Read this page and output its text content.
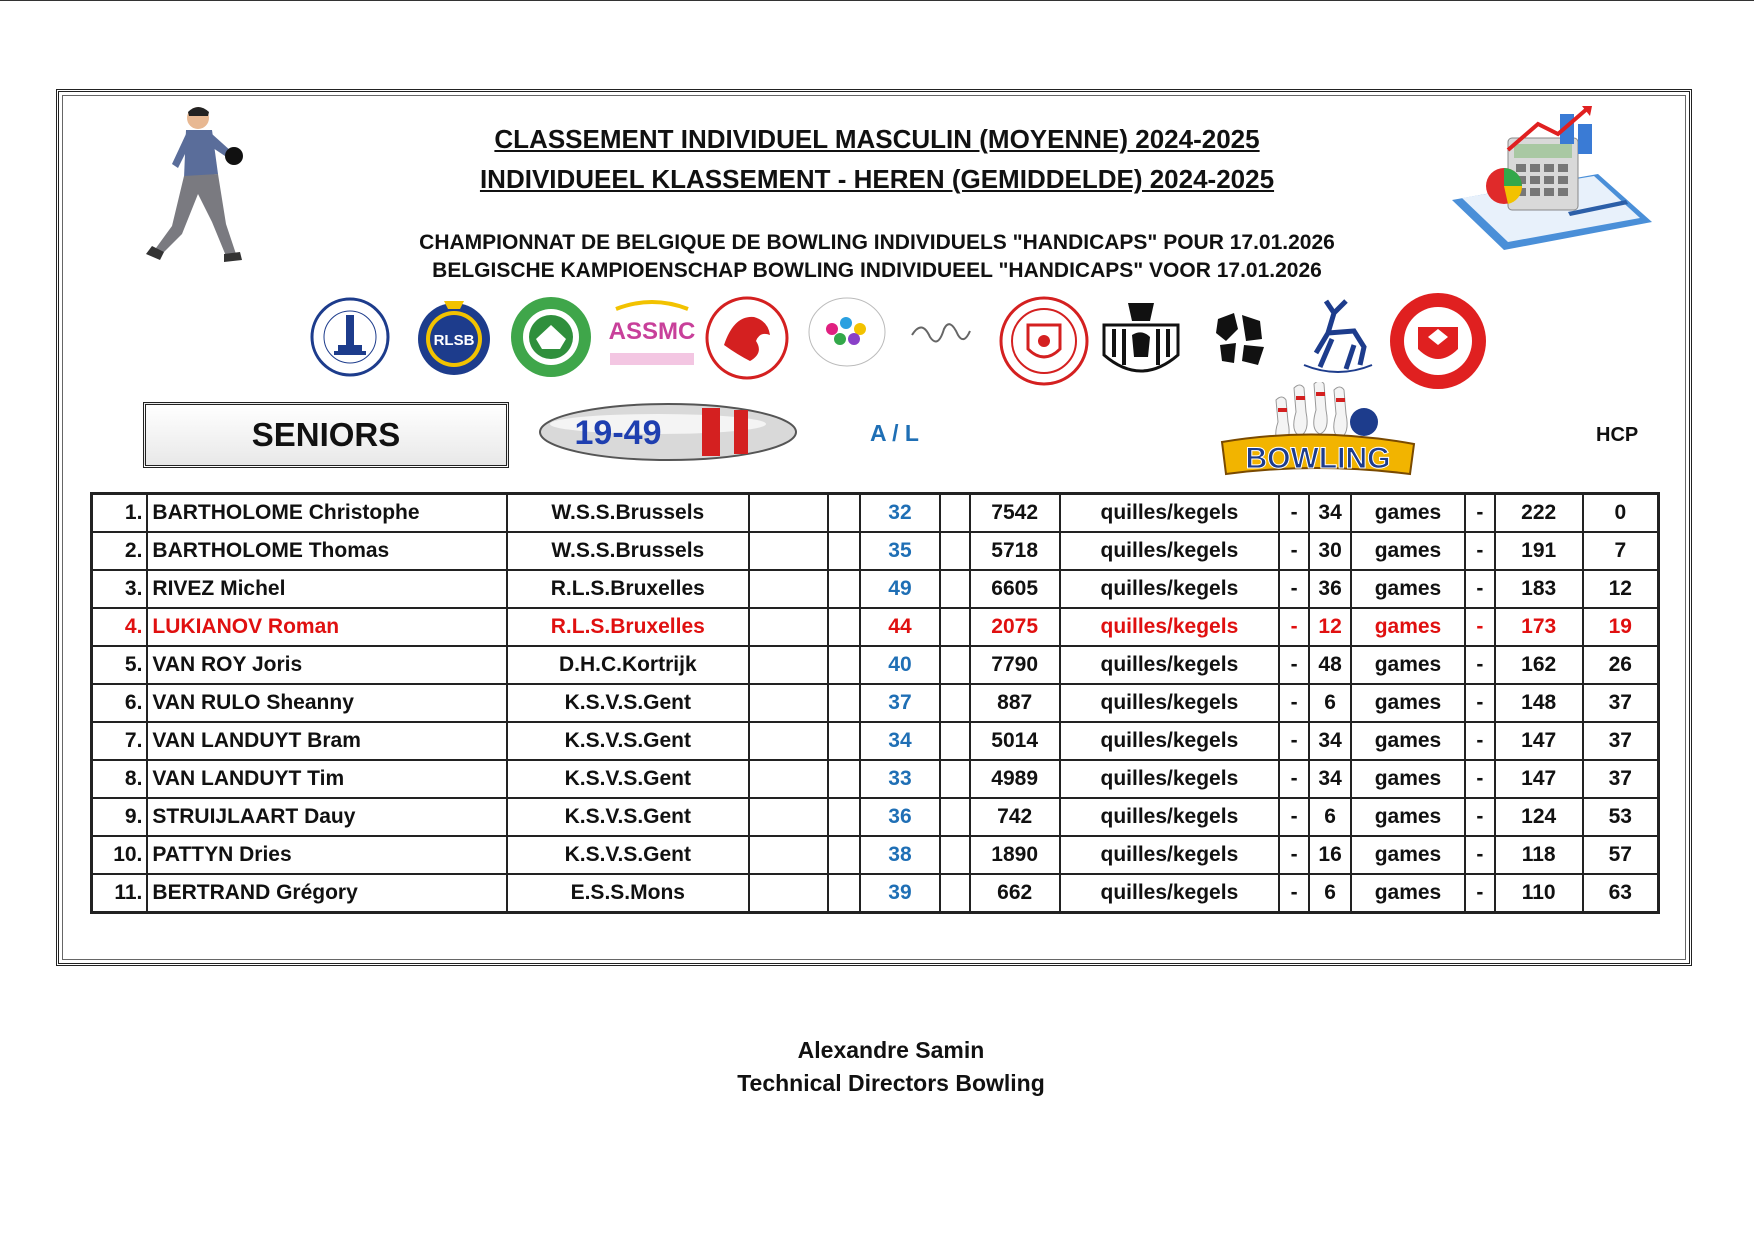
CLASSEMENT INDIVIDUEL MASCULIN (MOYENNE) 2024-2025
INDIVIDUEEL KLASSEMENT - HEREN (GEMIDDELDE) 2024-2025
CHAMPIONNAT DE BELGIQUE DE BOWLING INDIVIDUELS "HANDICAPS" POUR 17.01.2026
BELGISCHE KAMPIOENSCHAP BOWLING INDIVIDUEEL "HANDICAPS" VOOR 17.01.2026
RLSB	ASSMC
SENIORS	19-49	A / L
BOWLING
HCP
1.	BARTHOLOME Christophe	W.S.S.Brussels			32		7542	quilles/kegels	-	34	games	-	222	0
2.	BARTHOLOME Thomas	W.S.S.Brussels			35		5718	quilles/kegels	-	30	games	-	191	7
3.	RIVEZ Michel	R.L.S.Bruxelles			49		6605	quilles/kegels	-	36	games	-	183	12
4.	LUKIANOV Roman	R.L.S.Bruxelles			44		2075	quilles/kegels	-	12	games	-	173	19
5.	VAN ROY Joris	D.H.C.Kortrijk			40		7790	quilles/kegels	-	48	games	-	162	26
6.	VAN RULO Sheanny	K.S.V.S.Gent			37		887	quilles/kegels	-	6	games	-	148	37
7.	VAN LANDUYT Bram	K.S.V.S.Gent			34		5014	quilles/kegels	-	34	games	-	147	37
8.	VAN LANDUYT Tim	K.S.V.S.Gent			33		4989	quilles/kegels	-	34	games	-	147	37
9.	STRUIJLAART Dauy	K.S.V.S.Gent			36		742	quilles/kegels	-	6	games	-	124	53
10.	PATTYN Dries	K.S.V.S.Gent			38		1890	quilles/kegels	-	16	games	-	118	57
11.	BERTRAND Grégory	E.S.S.Mons			39		662	quilles/kegels	-	6	games	-	110	63
Alexandre Samin
Technical Directors Bowling
